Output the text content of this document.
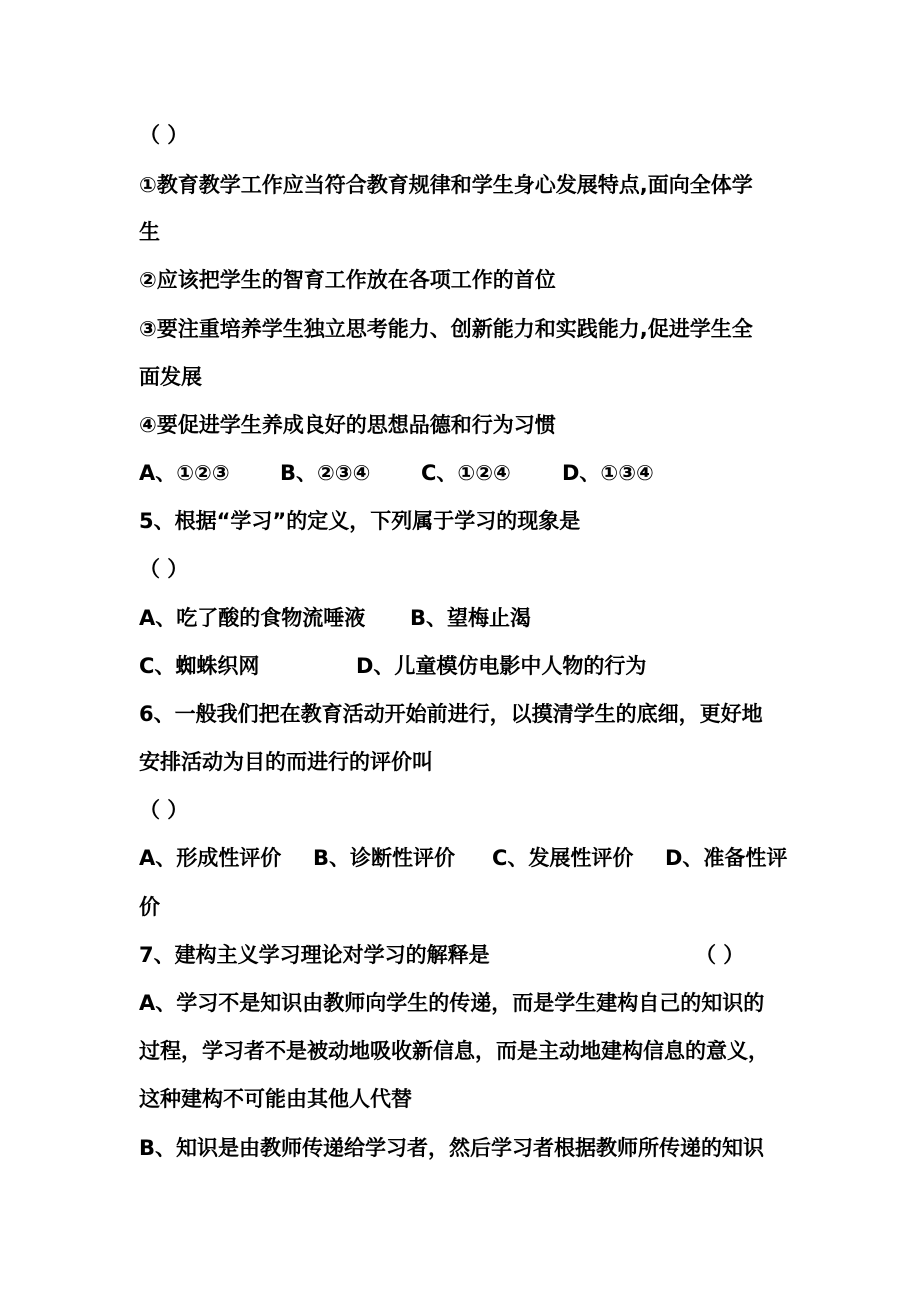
（ ）
①教育教学工作应当符合教育规律和学生身心发展特点,面向全体学
生
②应该把学生的智育工作放在各项工作的首位
③要注重培养学生独立思考能力、创新能力和实践能力,促进学生全
面发展
④要促进学生养成良好的思想品德和行为习惯
A、①②③ B、②③④ C、①②④ D、①③④
5、根据“学习”的定义，下列属于学习的现象是
（ ）
A、吃了酸的食物流唾液 B、望梅止渴
C、蜘蛛织网	D、儿童模仿电影中人物的行为
6、一般我们把在教育活动开始前进行，以摸清学生的底细，更好地
安排活动为目的而进行的评价叫
（ ）
A、形成性评价 B、诊断性评价 C、发展性评价 D、准备性评
价
7、建构主义学习理论对学习的解释是	（ ）
A、学习不是知识由教师向学生的传递，而是学生建构自己的知识的
过程，学习者不是被动地吸收新信息，而是主动地建构信息的意义，
这种建构不可能由其他人代替
B、知识是由教师传递给学习者，然后学习者根据教师所传递的知识
